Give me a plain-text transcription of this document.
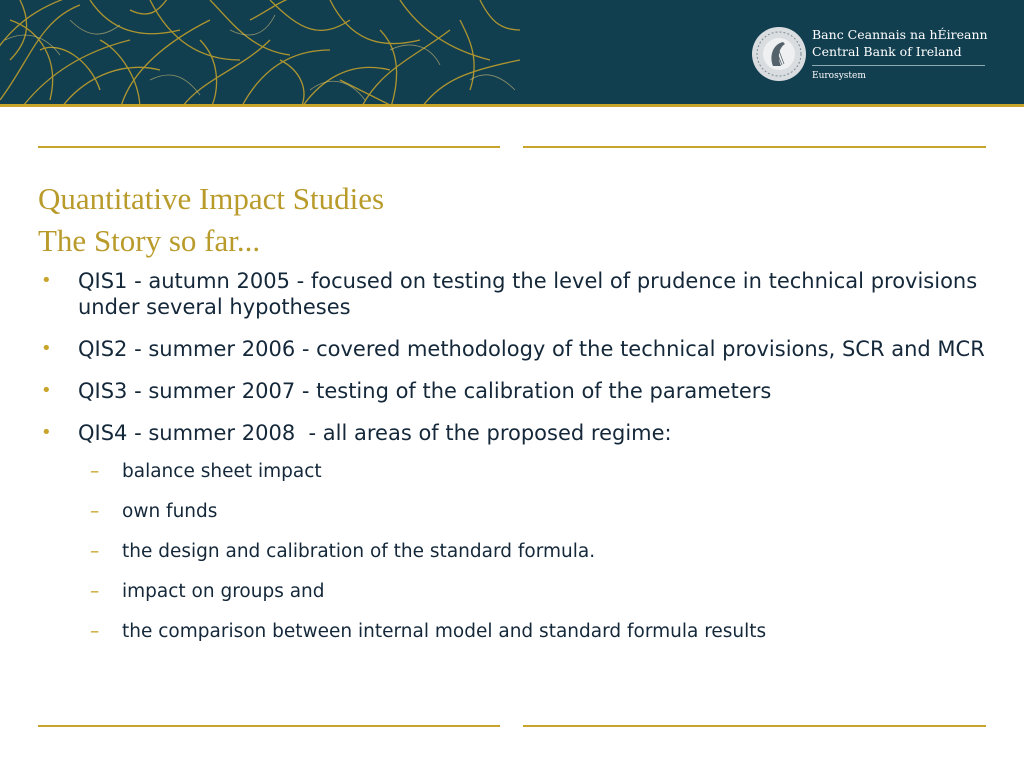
Banc Ceannais na hÉireann
Central Bank of Ireland
Eurosystem
Quantitative Impact Studies
The Story so far...
• QIS1 - autumn 2005 - focused on testing the level of prudence in technical provisions under several hypotheses
• QIS2 - summer 2006 - covered methodology of the technical provisions, SCR and MCR
• QIS3 - summer 2007 - testing of the calibration of the parameters
• QIS4 - summer 2008  - all areas of the proposed regime:
– balance sheet impact
– own funds
– the design and calibration of the standard formula.
– impact on groups and
– the comparison between internal model and standard formula results
